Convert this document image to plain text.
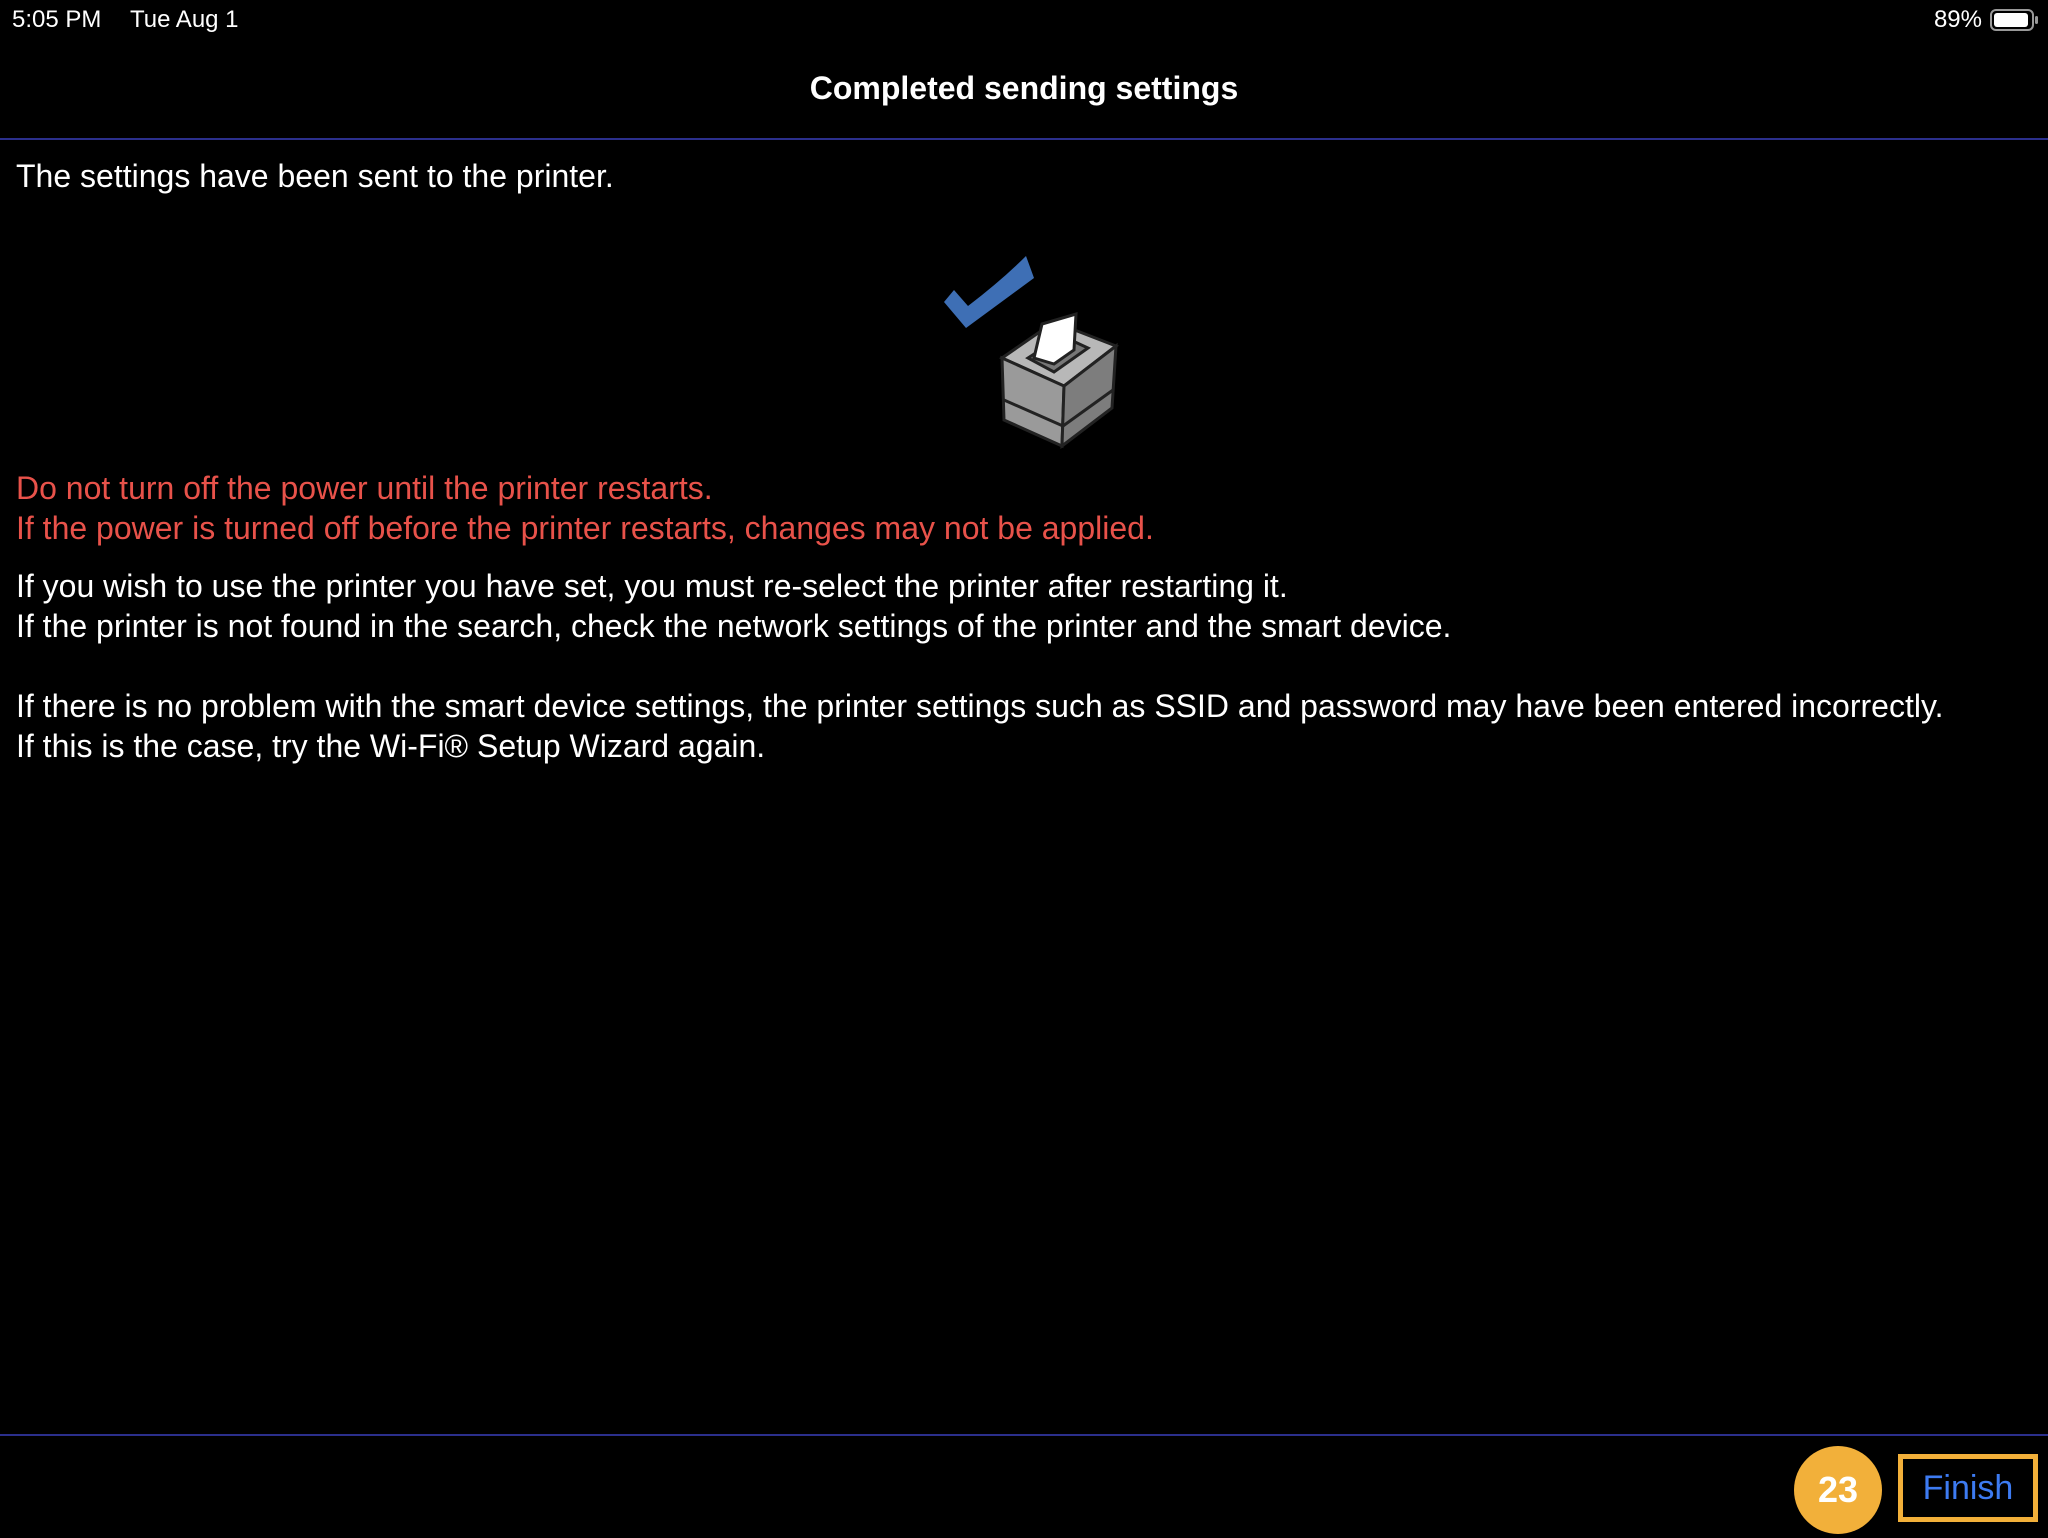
5:05 PM Tue Aug 1	89%
Completed sending settings

The settings have been sent to the printer.

Do not turn off the power until the printer restarts.
If the power is turned off before the printer restarts, changes may not be applied.
If you wish to use the printer you have set, you must re-select the printer after restarting it.
If the printer is not found in the search, check the network settings of the printer and the smart device.
If there is no problem with the smart device settings, the printer settings such as SSID and password may have been entered incorrectly.
If this is the case, try the Wi-Fi® Setup Wizard again.
23	Finish
